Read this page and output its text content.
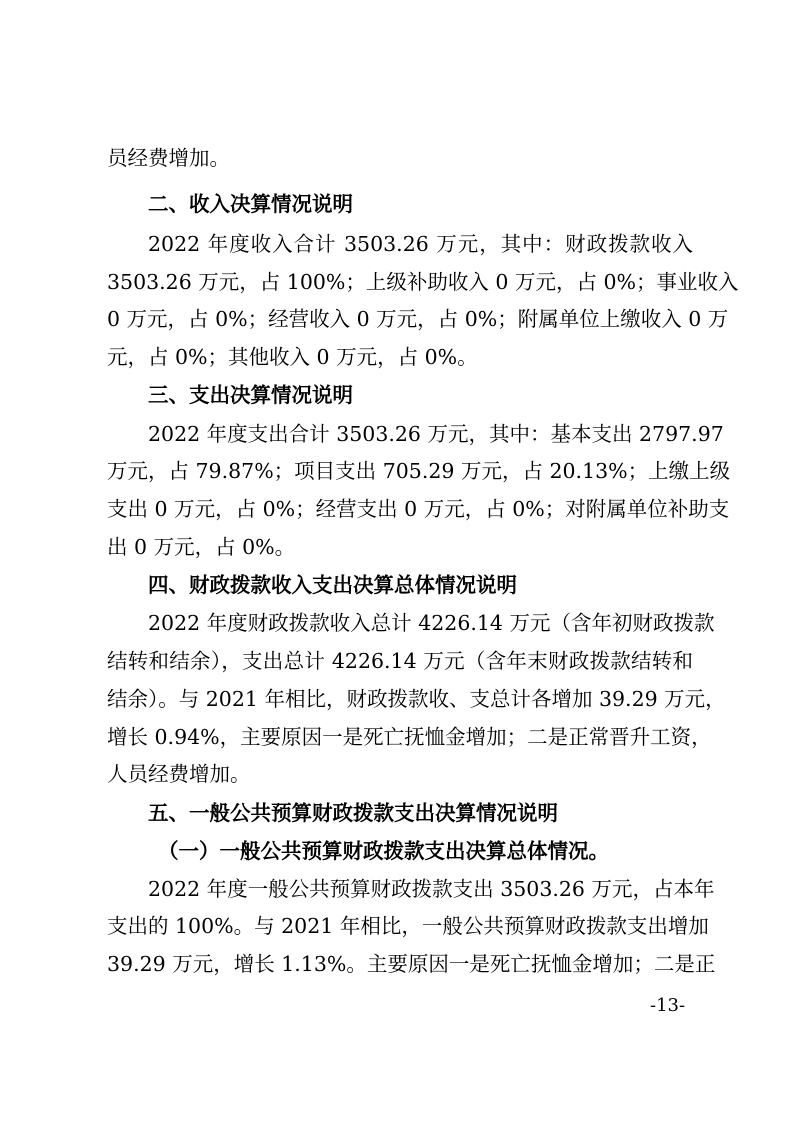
员经费增加。
二、收入决算情况说明
2022 年度收入合计 3503.26 万元，其中：财政拨款收入
3503.26 万元，占 100%；上级补助收入 0 万元，占 0%；事业收入
0 万元，占 0%；经营收入 0 万元，占 0%；附属单位上缴收入 0 万
元，占 0%；其他收入 0 万元，占 0%。
三、支出决算情况说明
2022 年度支出合计 3503.26 万元，其中：基本支出 2797.97
万元，占 79.87%；项目支出 705.29 万元，占 20.13%；上缴上级
支出 0 万元，占 0%；经营支出 0 万元，占 0%；对附属单位补助支
出 0 万元，占 0%。
四、财政拨款收入支出决算总体情况说明
2022 年度财政拨款收入总计 4226.14 万元（含年初财政拨款
结转和结余），支出总计 4226.14 万元（含年末财政拨款结转和
结余）。与 2021 年相比，财政拨款收、支总计各增加 39.29 万元，
增长 0.94%，主要原因一是死亡抚恤金增加；二是正常晋升工资，
人员经费增加。
五、一般公共预算财政拨款支出决算情况说明
（一）一般公共预算财政拨款支出决算总体情况。
2022 年度一般公共预算财政拨款支出 3503.26 万元，占本年
支出的 100%。与 2021 年相比，一般公共预算财政拨款支出增加
39.29 万元，增长 1.13%。主要原因一是死亡抚恤金增加；二是正
-13-
